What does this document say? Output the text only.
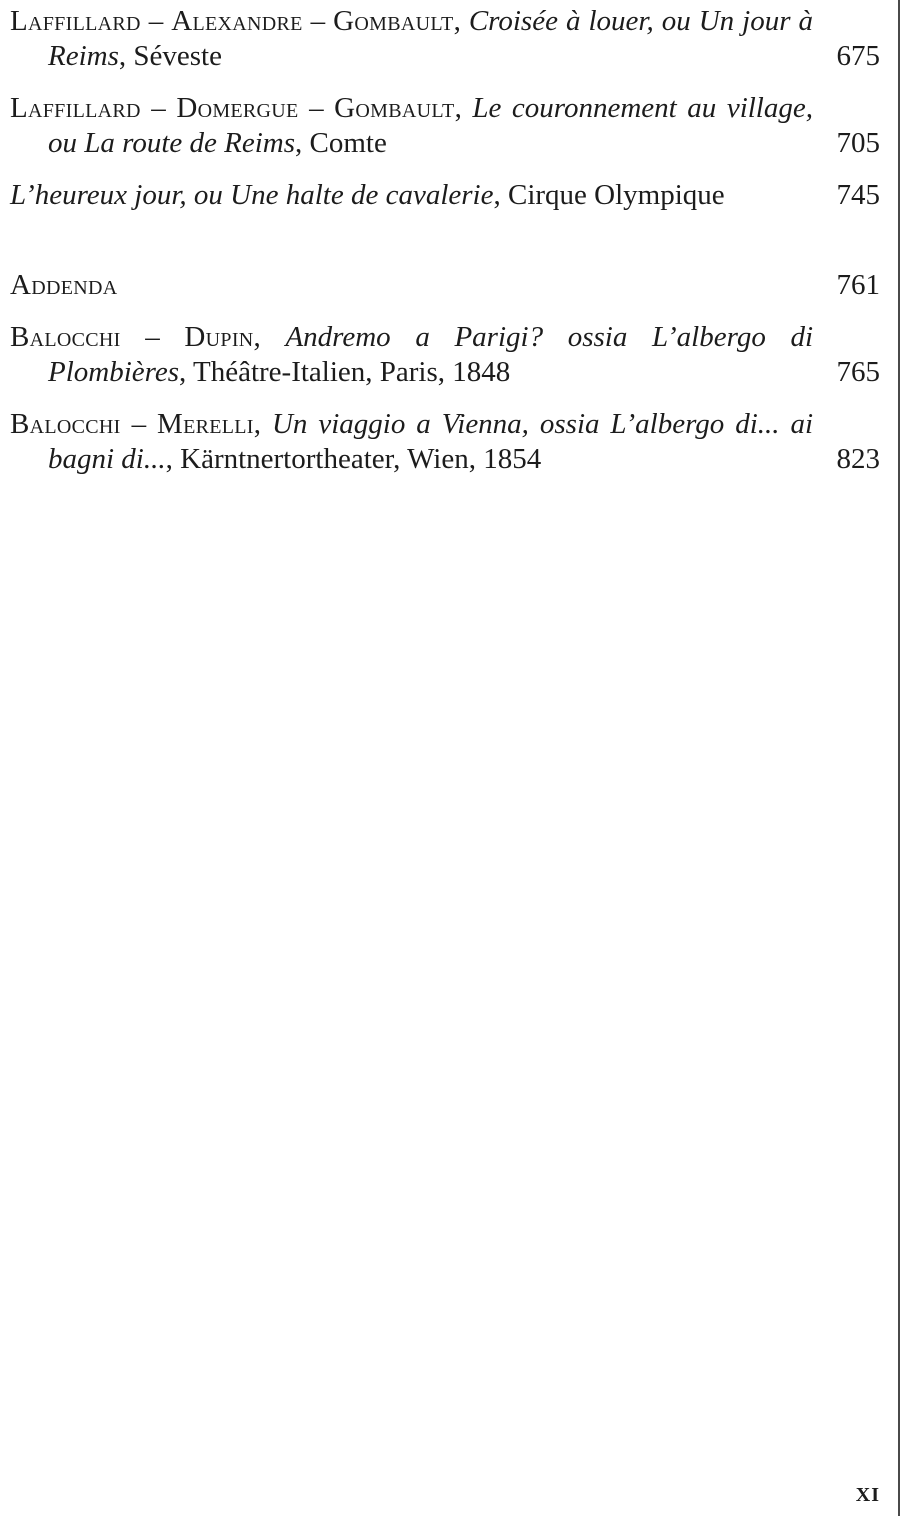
Laffillard – Alexandre – Gombault, Croisée à louer, ou Un jour à Reims, Séveste	675
Laffillard – Domergue – Gombault, Le couronnement au village, ou La route de Reims, Comte	705
L’heureux jour, ou Une halte de cavalerie, Cirque Olympique	745
Addenda	761
Balocchi – Dupin, Andremo a Parigi? ossia L’albergo di Plombières, Théâtre-Italien, Paris, 1848	765
Balocchi – Merelli, Un viaggio a Vienna, ossia L’albergo di... ai bagni di..., Kärntnertortheater, Wien, 1854	823
XI
